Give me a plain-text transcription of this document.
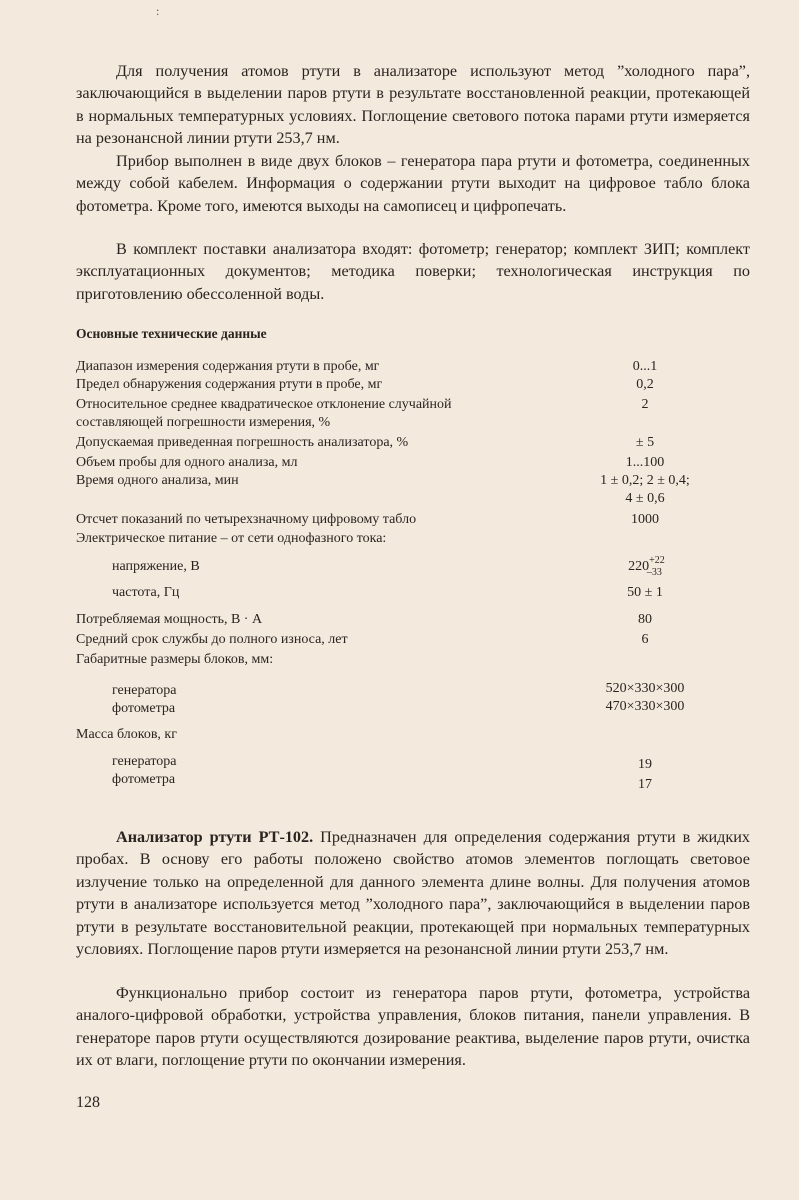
:

Для получения атомов ртути в анализаторе используют метод ”холодного пара”, заключающийся в выделении паров ртути в результате восстановленной реакции, протекающей в нормальных температурных условиях. Поглощение светового потока парами ртути измеряется на резонансной линии ртути 253,7 нм.

Прибор выполнен в виде двух блоков – генератора пара ртути и фотометра, соединенных между собой кабелем. Информация о содержании ртути выходит на цифровое табло блока фотометра. Кроме того, имеются выходы на самописец и цифропечать.

В комплект поставки анализатора входят: фотометр; генератор; комплект ЗИП; комплект эксплуатационных документов; методика поверки; технологическая инструкция по приготовлению обессоленной воды.

Основные технические данные

Диапазон измерения содержания ртути в пробе, мг	0...1

Предел обнаружения содержания ртути в пробе, мг	0,2

Относительное среднее квадратическое отклонение случайной	2

составляющей погрешности измерения, %

Допускаемая приведенная погрешность анализатора, %	± 5

Объем пробы для одного анализа, мл	1...100

Время одного анализа, мин	1 ± 0,2; 2 ± 0,4;

4 ± 0,6

Отсчет показаний по четырехзначному цифровому табло	1000

Электрическое питание – от сети однофазного тока:

напряжение, В	$220^{+22}_{-33}$

частота, Гц	50 ± 1

Потребляемая мощность, В · А	80

Средний срок службы до полного износа, лет	6

Габаритные размеры блоков, мм:

генератора	520×330×300

фотометра	470×330×300

Масса блоков, кг

генератора	19

фотометра	17

Анализатор ртути РТ-102. Предназначен для определения содержания ртути в жидких пробах. В основу его работы положено свойство атомов элементов поглощать световое излучение только на определенной для данного элемента длине волны. Для получения атомов ртути в анализаторе используется метод ”холодного пара”, заключающийся в выделении паров ртути в результате восстановительной реакции, протекающей при нормальных температурных условиях. Поглощение паров ртути измеряется на резонансной линии ртути 253,7 нм.

Функционально прибор состоит из генератора паров ртути, фотометра, устройства аналого-цифровой обработки, устройства управления, блоков питания, панели управления. В генераторе паров ртути осуществляются дозирование реактива, выделение паров ртути, очистка их от влаги, поглощение ртути по окончании измерения.

128
